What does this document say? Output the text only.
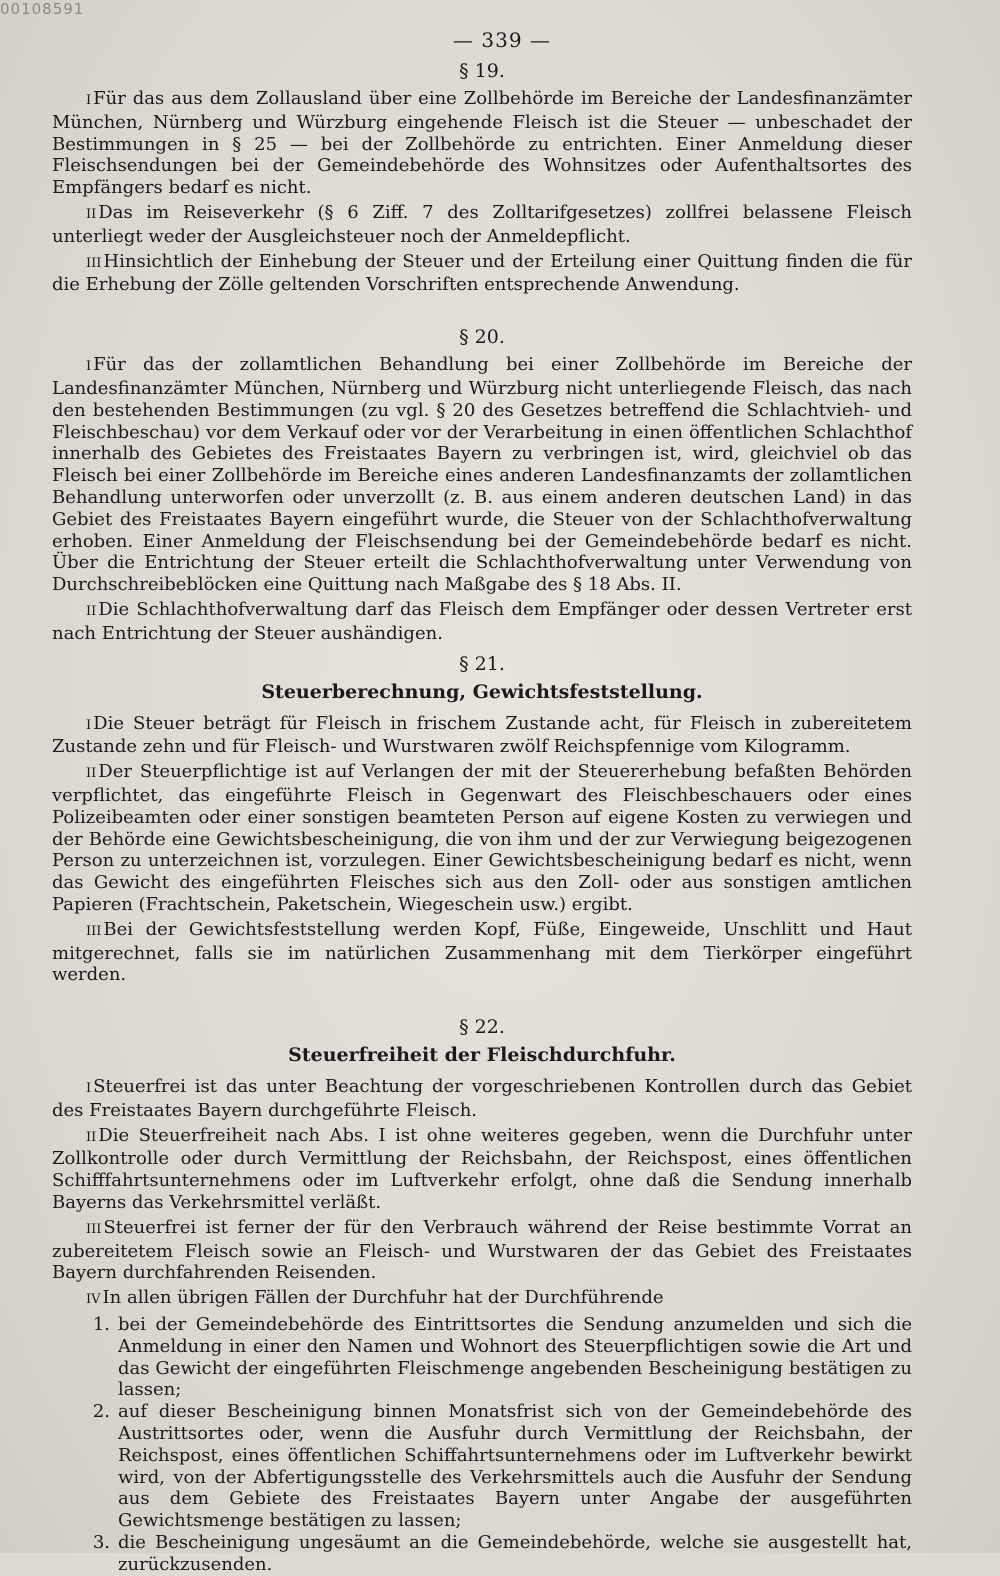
00108591
— 339 —
§ 19.

I Für das aus dem Zollausland über eine Zollbehörde im Bereiche der Landesfinanzämter München, Nürnberg und Würzburg eingehende Fleisch ist die Steuer — unbeschadet der Bestimmungen in § 25 — bei der Zollbehörde zu entrichten. Einer Anmeldung dieser Fleischsendungen bei der Gemeindebehörde des Wohnsitzes oder Aufenthaltsortes des Empfängers bedarf es nicht.

II Das im Reiseverkehr (§ 6 Ziff. 7 des Zolltarifgesetzes) zollfrei belassene Fleisch unterliegt weder der Ausgleichsteuer noch der Anmeldepflicht.

III Hinsichtlich der Einhebung der Steuer und der Erteilung einer Quittung finden die für die Erhebung der Zölle geltenden Vorschriften entsprechende Anwendung.

§ 20.

I Für das der zollamtlichen Behandlung bei einer Zollbehörde im Bereiche der Landesfinanzämter München, Nürnberg und Würzburg nicht unterliegende Fleisch, das nach den bestehenden Bestimmungen (zu vgl. § 20 des Gesetzes betreffend die Schlachtvieh- und Fleischbeschau) vor dem Verkauf oder vor der Verarbeitung in einen öffentlichen Schlachthof innerhalb des Gebietes des Freistaates Bayern zu verbringen ist, wird, gleichviel ob das Fleisch bei einer Zollbehörde im Bereiche eines anderen Landesfinanzamts der zollamtlichen Behandlung unterworfen oder unverzollt (z. B. aus einem anderen deutschen Land) in das Gebiet des Freistaates Bayern eingeführt wurde, die Steuer von der Schlachthofverwaltung erhoben. Einer Anmeldung der Fleischsendung bei der Gemeindebehörde bedarf es nicht. Über die Entrichtung der Steuer erteilt die Schlachthofverwaltung unter Verwendung von Durchschreibeblöcken eine Quittung nach Maßgabe des § 18 Abs. II.

II Die Schlachthofverwaltung darf das Fleisch dem Empfänger oder dessen Vertreter erst nach Entrichtung der Steuer aushändigen.

§ 21.
Steuerberechnung, Gewichtsfeststellung.

I Die Steuer beträgt für Fleisch in frischem Zustande acht, für Fleisch in zubereitetem Zustande zehn und für Fleisch- und Wurstwaren zwölf Reichspfennige vom Kilogramm.

II Der Steuerpflichtige ist auf Verlangen der mit der Steuererhebung befaßten Behörden verpflichtet, das eingeführte Fleisch in Gegenwart des Fleischbeschauers oder eines Polizeibeamten oder einer sonstigen beamteten Person auf eigene Kosten zu verwiegen und der Behörde eine Gewichtsbescheinigung, die von ihm und der zur Verwiegung beigezogenen Person zu unterzeichnen ist, vorzulegen. Einer Gewichtsbescheinigung bedarf es nicht, wenn das Gewicht des eingeführten Fleisches sich aus den Zoll- oder aus sonstigen amtlichen Papieren (Frachtschein, Paketschein, Wiegeschein usw.) ergibt.

III Bei der Gewichtsfeststellung werden Kopf, Füße, Eingeweide, Unschlitt und Haut mitgerechnet, falls sie im natürlichen Zusammenhang mit dem Tierkörper eingeführt werden.

§ 22.
Steuerfreiheit der Fleischdurchfuhr.

I Steuerfrei ist das unter Beachtung der vorgeschriebenen Kontrollen durch das Gebiet des Freistaates Bayern durchgeführte Fleisch.

II Die Steuerfreiheit nach Abs. I ist ohne weiteres gegeben, wenn die Durchfuhr unter Zollkontrolle oder durch Vermittlung der Reichsbahn, der Reichspost, eines öffentlichen Schifffahrtsunternehmens oder im Luftverkehr erfolgt, ohne daß die Sendung innerhalb Bayerns das Verkehrsmittel verläßt.

III Steuerfrei ist ferner der für den Verbrauch während der Reise bestimmte Vorrat an zubereitetem Fleisch sowie an Fleisch- und Wurstwaren der das Gebiet des Freistaates Bayern durchfahrenden Reisenden.

IV In allen übrigen Fällen der Durchfuhr hat der Durchführende

1. bei der Gemeindebehörde des Eintrittsortes die Sendung anzumelden und sich die Anmeldung in einer den Namen und Wohnort des Steuerpflichtigen sowie die Art und das Gewicht der eingeführten Fleischmenge angebenden Bescheinigung bestätigen zu lassen;
2. auf dieser Bescheinigung binnen Monatsfrist sich von der Gemeindebehörde des Austrittsortes oder, wenn die Ausfuhr durch Vermittlung der Reichsbahn, der Reichspost, eines öffentlichen Schiffahrtsunternehmens oder im Luftverkehr bewirkt wird, von der Abfertigungsstelle des Verkehrsmittels auch die Ausfuhr der Sendung aus dem Gebiete des Freistaates Bayern unter Angabe der ausgeführten Gewichtsmenge bestätigen zu lassen;
3. die Bescheinigung ungesäumt an die Gemeindebehörde, welche sie ausgestellt hat, zurückzusenden.
